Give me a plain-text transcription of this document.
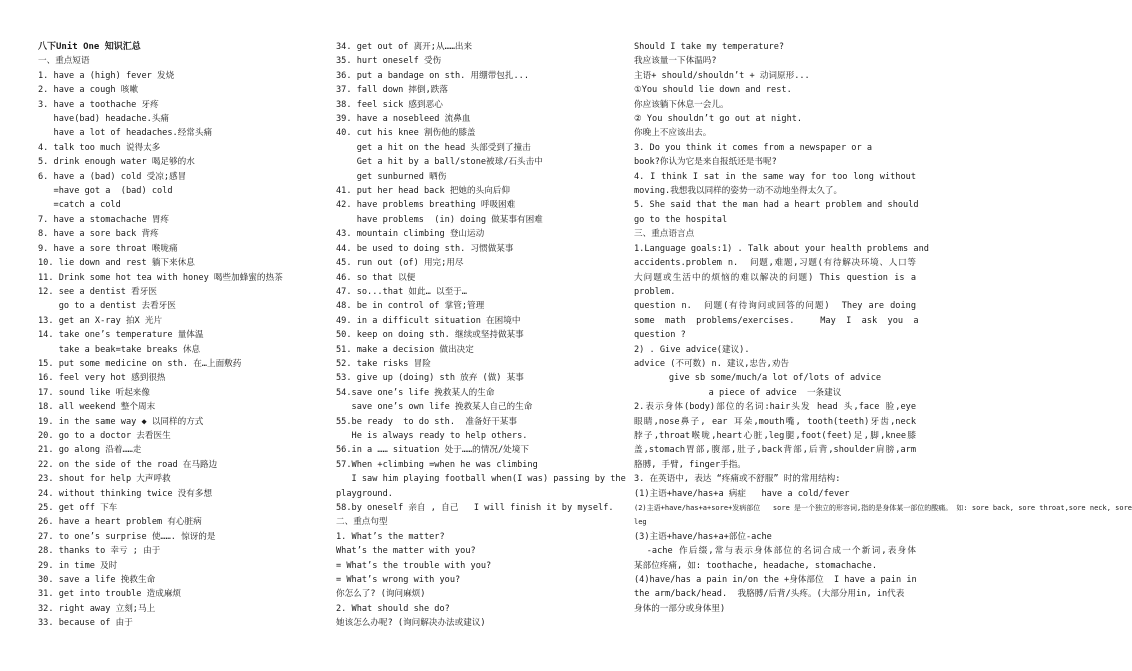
八下Unit One 知识汇总
一、重点短语
1. have a (high) fever 发烧
2. have a cough 咳嗽
3. have a toothache 牙疼
have(bad) headache.头痛
have a lot of headaches.经常头痛
4. talk too much 说得太多
5. drink enough water 喝足够的水
6. have a (bad) cold 受凉;感冒
=have got a  (bad) cold
=catch a cold
7. have a stomachache 胃疼
8. have a sore back 背疼
9. have a sore throat 喉咙痛
10. lie down and rest 躺下来休息
11. Drink some hot tea with honey 喝些加蜂蜜的热茶
12. see a dentist 看牙医
go to a dentist 去看牙医
13. get an X-ray 拍X 光片
14. take one’s temperature 量体温
take a beak=take breaks 休息
15. put some medicine on sth. 在…上面敷药
16. feel very hot 感到很热
17. sound like 听起来像
18. all weekend 整个周末
19. in the same way ◆ 以同样的方式
20. go to a doctor 去看医生
21. go along 沿着……走
22. on the side of the road 在马路边
23. shout for help 大声呼救
24. without thinking twice 没有多想
25. get off 下车
26. have a heart problem 有心脏病
27. to one’s surprise 使……. 惊讶的是
28. thanks to 幸亏 ; 由于
29. in time 及时
30. save a life 挽救生命
31. get into trouble 造成麻烦
32. right away 立刻;马上
33. because of 由于
34. get out of 离开;从……出来
35. hurt oneself 受伤
36. put a bandage on sth. 用绷带包扎...
37. fall down 摔倒,跌落
38. feel sick 感到恶心
39. have a nosebleed 流鼻血
40. cut his knee 割伤他的膝盖
get a hit on the head 头部受到了撞击
Get a hit by a ball/stone被球/石头击中
get sunburned 晒伤
41. put her head back 把她的头向后仰
42. have problems breathing 呼吸困难
have problems  (in) doing 做某事有困难
43. mountain climbing 登山运动
44. be used to doing sth. 习惯做某事
45. run out (of) 用完;用尽
46. so that 以便
47. so...that 如此… 以至于…
48. be in control of 掌管;管理
49. in a difficult situation 在困境中
50. keep on doing sth. 继续或坚持做某事
51. make a decision 做出决定
52. take risks 冒险
53. give up (doing) sth 放弃 (做) 某事
54.save one’s life 挽救某人的生命
save one’s own life 挽救某人自己的生命
55.be ready  to do sth.  准备好干某事
He is always ready to help others.
56.in a …… situation 处于……的情况/处境下
57.When +climbing =when he was climbing
I saw him playing football when(I was) passing by the
playground.
58.by oneself 亲自 , 自己   I will finish it by myself.
二、重点句型
1. What’s the matter?
What’s the matter with you?
= What’s the trouble with you?
= What’s wrong with you?
你怎么了? (询问麻烦)
2. What should she do?
她该怎么办呢? (询问解决办法或建议)
Should I take my temperature?
我应该量一下体温吗?
主语+ should/shouldn’t + 动词原形...
①You should lie down and rest.
你应该躺下休息一会儿。
② You shouldn’t go out at night.
你晚上不应该出去。
3. Do you think it comes from a newspaper or a
book?你认为它是来自报纸还是书呢?
4. I think I sat in the same way for too long without
moving.我想我以同样的姿势一动不动地坐得太久了。
5. She said that the man had a heart problem and should
go to the hospital
三、重点语言点
1.Language goals:1) . Talk about your health problems and
accidents.problem n.  问题,难题,习题(有待解决环境、人口等
大问题或生活中的烦恼的难以解决的问题) This question is a
problem.
question n.  问题(有待询问或回答的问题)  They are doing
some  math  problems/exercises.     May  I  ask  you  a
question ?
2) . Give advice(建议).
advice (不可数) n. 建议,忠告,劝告
give sb some/much/a lot of/lots of advice
a piece of advice  一条建议
2.表示身体(body)部位的名词:hair头发 head 头,face 脸,eye
眼睛,nose鼻子, ear 耳朵,mouth嘴, tooth(teeth)牙齿,neck
脖子,throat喉咙,heart心脏,leg腿,foot(feet)足,脚,knee膝
盖,stomach胃部,腹部,肚子,back背部,后背,shoulder肩膀,arm
胳膊, 手臂, finger手指。
3. 在英语中, 表达 “疼痛或不舒服” 时的常用结构:
(1)主语+have/has+a 病症   have a cold/fever
(2)主语+have/has+a+sore+发病部位   sore 是一个独立的形容词,指的是身体某一部位的酸痛。 如: sore back, sore throat,sore neck, sore
leg
(3)主语+have/has+a+部位-ache
-ache 作后缀,常与表示身体部位的名词合成一个新词,表身体
某部位疼痛, 如: toothache, headache, stomachache.
(4)have/has a pain in/on the +身体部位  I have a pain in
the arm/back/head.  我胳膊/后背/头疼。(大部分用in, in代表
身体的一部分或身体里)
